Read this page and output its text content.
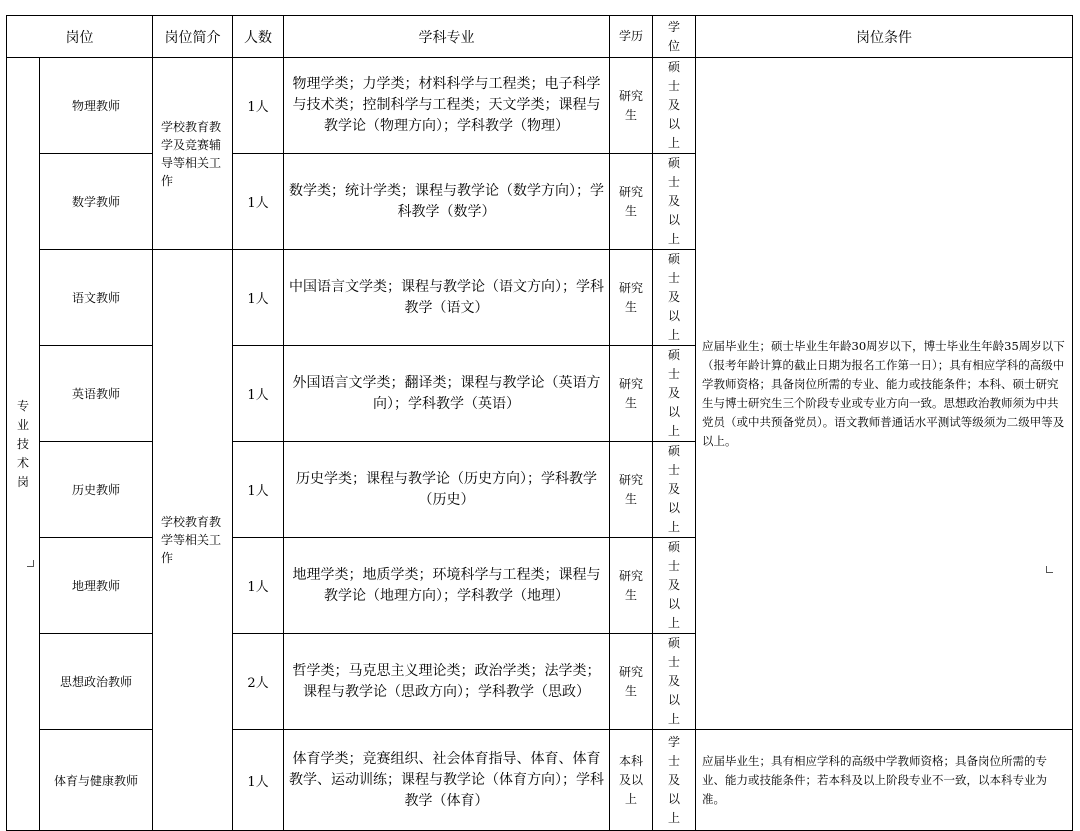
岗位		岗位简介	人数	学科专业	学历	学位	岗位条件
专业技术岗	物理教师	学校教育教学及竞赛辅导等相关工作	1人	物理学类；力学类；材料科学与工程类；电子科学与技术类；控制科学与工程类；天文学类；课程与教学论（物理方向）；学科教学（物理）	研究生	硕士及以上	应届毕业生；硕士毕业生年龄30周岁以下，博士毕业生年龄35周岁以下（报考年龄计算的截止日期为报名工作第一日）；具有相应学科的高级中学教师资格；具备岗位所需的专业、能力或技能条件；本科、硕士研究生与博士研究生三个阶段专业或专业方向一致。思想政治教师须为中共党员（或中共预备党员）。语文教师普通话水平测试等级须为二级甲等及以上。
	数学教师		1人	数学类；统计学类；课程与教学论（数学方向）；学科教学（数学）	研究生	硕士及以上	
	语文教师	学校教育教学等相关工作	1人	中国语言文学类；课程与教学论（语文方向）；学科教学（语文）	研究生	硕士及以上	
	英语教师		1人	外国语言文学类；翻译类；课程与教学论（英语方向）；学科教学（英语）	研究生	硕士及以上	
	历史教师		1人	历史学类；课程与教学论（历史方向）；学科教学（历史）	研究生	硕士及以上	
	地理教师		1人	地理学类；地质学类；环境科学与工程类；课程与教学论（地理方向）；学科教学（地理）	研究生	硕士及以上	
	思想政治教师		2人	哲学类；马克思主义理论类；政治学类；法学类；课程与教学论（思政方向）；学科教学（思政）	研究生	硕士及以上	
	体育与健康教师		1人	体育学类；竞赛组织、社会体育指导、体育、体育教学、运动训练；课程与教学论（体育方向）；学科教学（体育）	本科及以上	学士及以上	应届毕业生；具有相应学科的高级中学教师资格；具备岗位所需的专业、能力或技能条件；若本科及以上阶段专业不一致，以本科专业为准。
